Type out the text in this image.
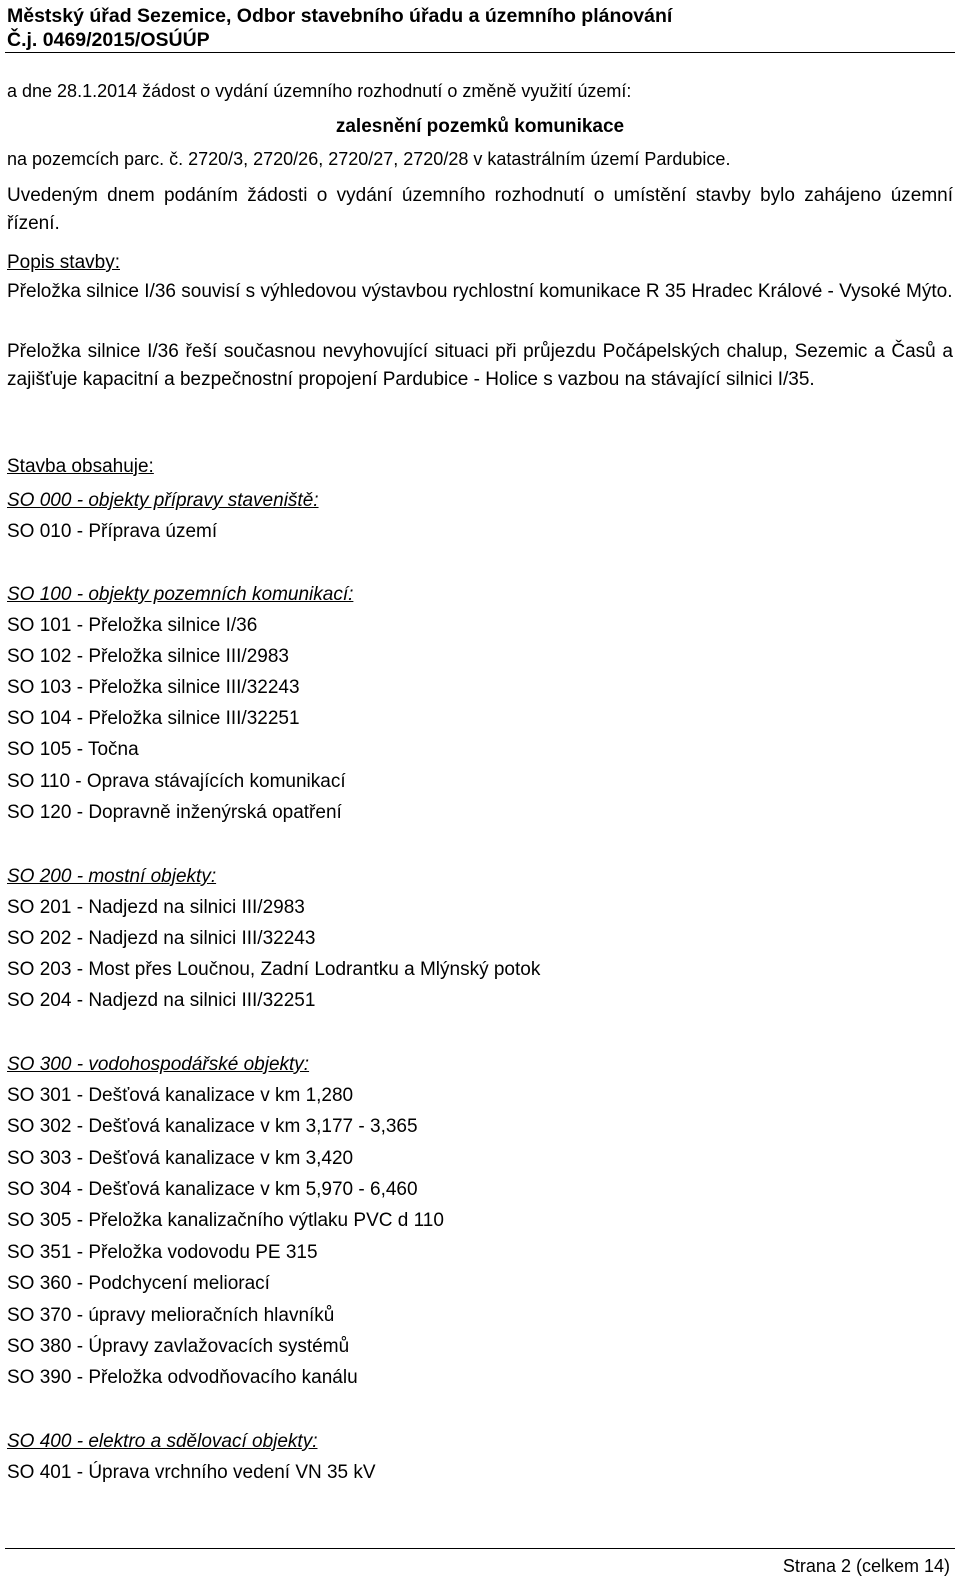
Městský úřad Sezemice, Odbor stavebního úřadu a územního plánování
Č.j. 0469/2015/OSÚÚP
a dne 28.1.2014 žádost o vydání územního rozhodnutí o změně využití území:
zalesnění pozemků komunikace
na pozemcích parc. č. 2720/3, 2720/26, 2720/27, 2720/28 v katastrálním území Pardubice.
Uvedeným dnem podáním žádosti o vydání územního rozhodnutí o umístění stavby bylo zahájeno územní řízení.
Popis stavby:
Přeložka silnice I/36 souvisí s výhledovou výstavbou rychlostní komunikace R 35 Hradec Králové - Vysoké Mýto.
Přeložka silnice I/36 řeší současnou nevyhovující situaci při průjezdu Počápelských chalup, Sezemic a Časů a zajišťuje kapacitní a bezpečnostní propojení Pardubice - Holice s vazbou na stávající silnici I/35.
Stavba obsahuje:
SO 000 - objekty přípravy staveniště:
SO 010 - Příprava území
SO 100 - objekty pozemních komunikací:
SO 101 - Přeložka silnice I/36
SO 102 - Přeložka silnice III/2983
SO 103 - Přeložka silnice III/32243
SO 104 - Přeložka silnice III/32251
SO 105 - Točna
SO 110 - Oprava stávajících komunikací
SO 120 - Dopravně inženýrská opatření
SO 200 - mostní objekty:
SO 201 - Nadjezd na silnici III/2983
SO 202 - Nadjezd na silnici III/32243
SO 203 - Most přes Loučnou, Zadní Lodrantku a Mlýnský potok
SO 204 - Nadjezd na silnici III/32251
SO 300 - vodohospodářské objekty:
SO 301 - Dešťová kanalizace v km 1,280
SO 302 - Dešťová kanalizace v km 3,177 - 3,365
SO 303 - Dešťová kanalizace v km 3,420
SO 304 - Dešťová kanalizace v km 5,970 - 6,460
SO 305 - Přeložka kanalizačního výtlaku PVC d 110
SO 351 - Přeložka vodovodu PE 315
SO 360 - Podchycení meliorací
SO 370 - úpravy melioračních hlavníků
SO 380 - Úpravy zavlažovacích systémů
SO 390 - Přeložka odvodňovacího kanálu
SO 400 - elektro a sdělovací objekty:
SO 401 - Úprava vrchního vedení VN 35 kV
Strana 2 (celkem 14)
